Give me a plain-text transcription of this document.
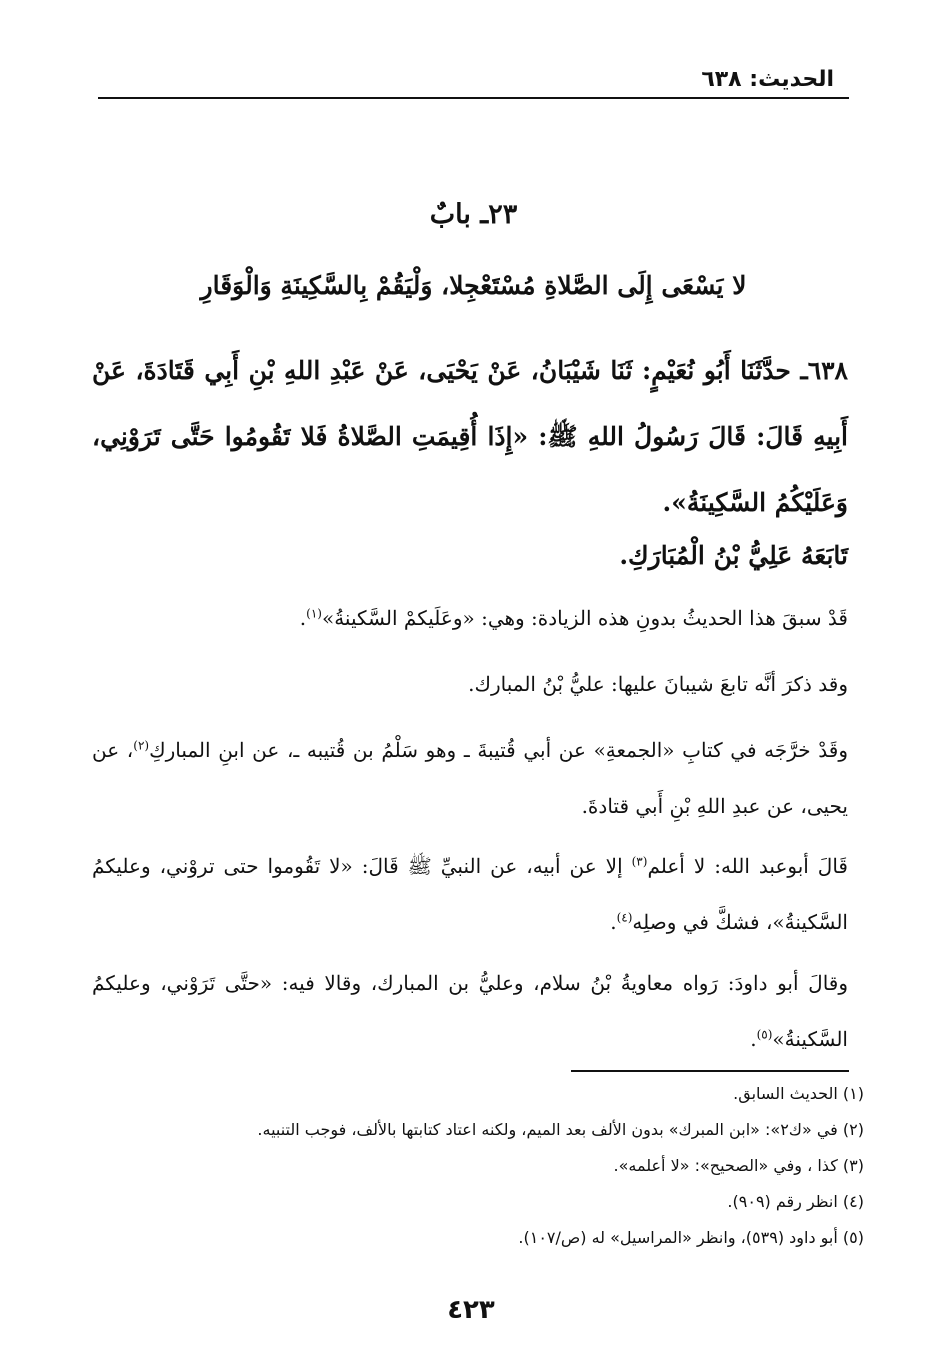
الحديث: ٦٣٨
٢٣ـ بابٌ
لا يَسْعَى إِلَى الصَّلاةِ مُسْتَعْجِلا، وَلْيَقُمْ بِالسَّكِينَةِ وَالْوَقَارِ
٦٣٨ـ حدَّثَنَا أَبُو نُعَيْمٍ: ثَنَا شَيْبَانُ، عَنْ يَحْيَى، عَنْ عَبْدِ اللهِ بْنِ أَبِي قَتَادَةَ، عَنْ أَبِيهِ قَالَ: قَالَ رَسُولُ اللهِ ﷺ: «إِذَا أُقِيمَتِ الصَّلاةُ فَلا تَقُومُوا حَتَّى تَرَوْنِي، وَعَلَيْكُمُ السَّكِينَةُ».
تَابَعَهُ عَلِيُّ بْنُ الْمُبَارَكِ.
قَدْ سبقَ هذا الحديثُ بدونِ هذه الزيادة: وهي: «وعَلَيكمْ السَّكينةُ»$^{(١)}$.
وقد ذكرَ أنَّه تابعَ شيبانَ عليها: عليُّ بْنُ المبارك.
وقَدْ خرَّجَه في كتابِ «الجمعةِ» عن أبي قُتيبةَ ـ وهو سَلْمُ بن قُتيبه ـ، عن ابنِ المباركِ$^{(٢)}$، عن يحيى، عن عبدِ اللهِ بْنِ أَبي قتادةَ.
قَالَ أبوعبد الله: لا أعلم$^{(٣)}$ إلا عن أبيه، عن النبيِّ ﷺ قَالَ: «لا تَقُوموا حتى تروْني، وعليكمُ السَّكينةُ»، فشكَّ في وصلِه$^{(٤)}$.
وقالَ أبو داودَ: رَواه معاويةُ بْنُ سلام، وعليُّ بن المبارك، وقالا فيه: «حتَّى تَرَوْني، وعليكمُ السَّكينةُ»$^{(٥)}$.
(١) الحديث السابق.
(٢) في «ك٢»: «ابن المبرك» بدون الألف بعد الميم، ولكنه اعتاد كتابتها بالألف، فوجب التنبيه.
(٣) كذا ، وفي «الصحيح»: «لا أعلمه».
(٤) انظر رقم (٩٠٩).
(٥) أبو داود (٥٣٩)، وانظر «المراسيل» له (ص/١٠٧).
٤٢٣
